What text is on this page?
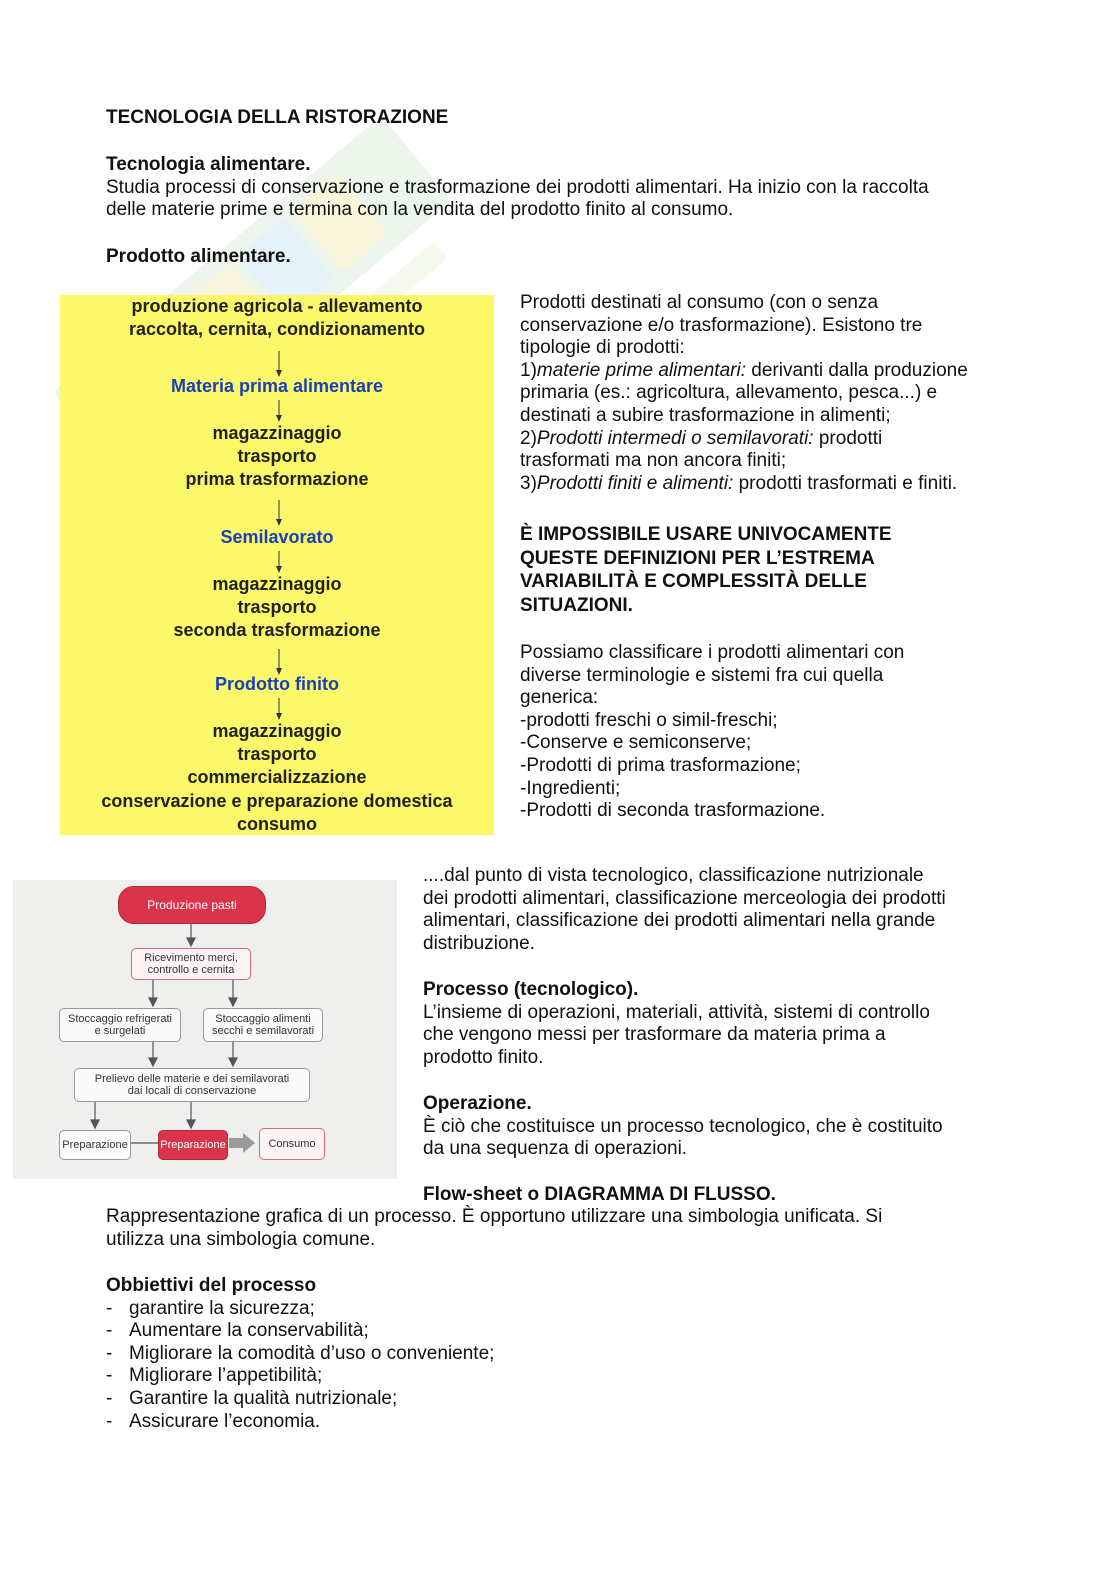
TECNOLOGIA DELLA RISTORAZIONE
Tecnologia alimentare.
Studia processi di conservazione e trasformazione dei prodotti alimentari. Ha inizio con la raccolta
delle materie prime e termina con la vendita del prodotto finito al consumo.
Prodotto alimentare.
produzione agricola - allevamento
raccolta, cernita, condizionamento
Materia prima alimentare
magazzinaggio
trasporto
prima trasformazione
Semilavorato
magazzinaggio
trasporto
seconda trasformazione
Prodotto finito
magazzinaggio
trasporto
commercializzazione
conservazione e preparazione domestica
consumo

Prodotti destinati al consumo (con o senza

conservazione e/o trasformazione). Esistono tre

tipologie di prodotti:

1)materie prime alimentari: derivanti dalla produzione

primaria (es.: agricoltura, allevamento, pesca...) e

destinati a subire trasformazione in alimenti;

2)Prodotti intermedi o semilavorati: prodotti

trasformati ma non ancora finiti;

3)Prodotti finiti e alimenti: prodotti trasformati e finiti.

È IMPOSSIBILE USARE UNIVOCAMENTE

QUESTE DEFINIZIONI PER L’ESTREMA

VARIABILITÀ E COMPLESSITÀ DELLE

SITUAZIONI.

Possiamo classificare i prodotti alimentari con

diverse terminologie e sistemi fra cui quella

generica:

-prodotti freschi o simil-freschi;

-Conserve e semiconserve;

-Prodotti di prima trasformazione;

-Ingredienti;

-Prodotti di seconda trasformazione.

Produzione pasti
Ricevimento merci,
controllo e cernita
Stoccaggio refrigerati
e surgelati
Stoccaggio alimenti
secchi e semilavorati
Prelievo delle materie e dei semilavorati
dai locali di conservazione
Preparazione	Preparazione	Consumo

....dal punto di vista tecnologico, classificazione nutrizionale

dei prodotti alimentari, classificazione merceologia dei prodotti

alimentari, classificazione dei prodotti alimentari nella grande

distribuzione.

Processo (tecnologico).

L’insieme di operazioni, materiali, attività, sistemi di controllo

che vengono messi per trasformare da materia prima a

prodotto finito.

Operazione.

È ciò che costituisce un processo tecnologico, che è costituito

da una sequenza di operazioni.

Flow-sheet o DIAGRAMMA DI FLUSSO.

Rappresentazione grafica di un processo. È opportuno utilizzare una simbologia unificata. Si

utilizza una simbologia comune.

Obbiettivi del processo

- garantire la sicurezza;
- Aumentare la conservabilità;
- Migliorare la comodità d’uso o conveniente;
- Migliorare l’appetibilità;
- Garantire la qualità nutrizionale;
- Assicurare l’economia.
